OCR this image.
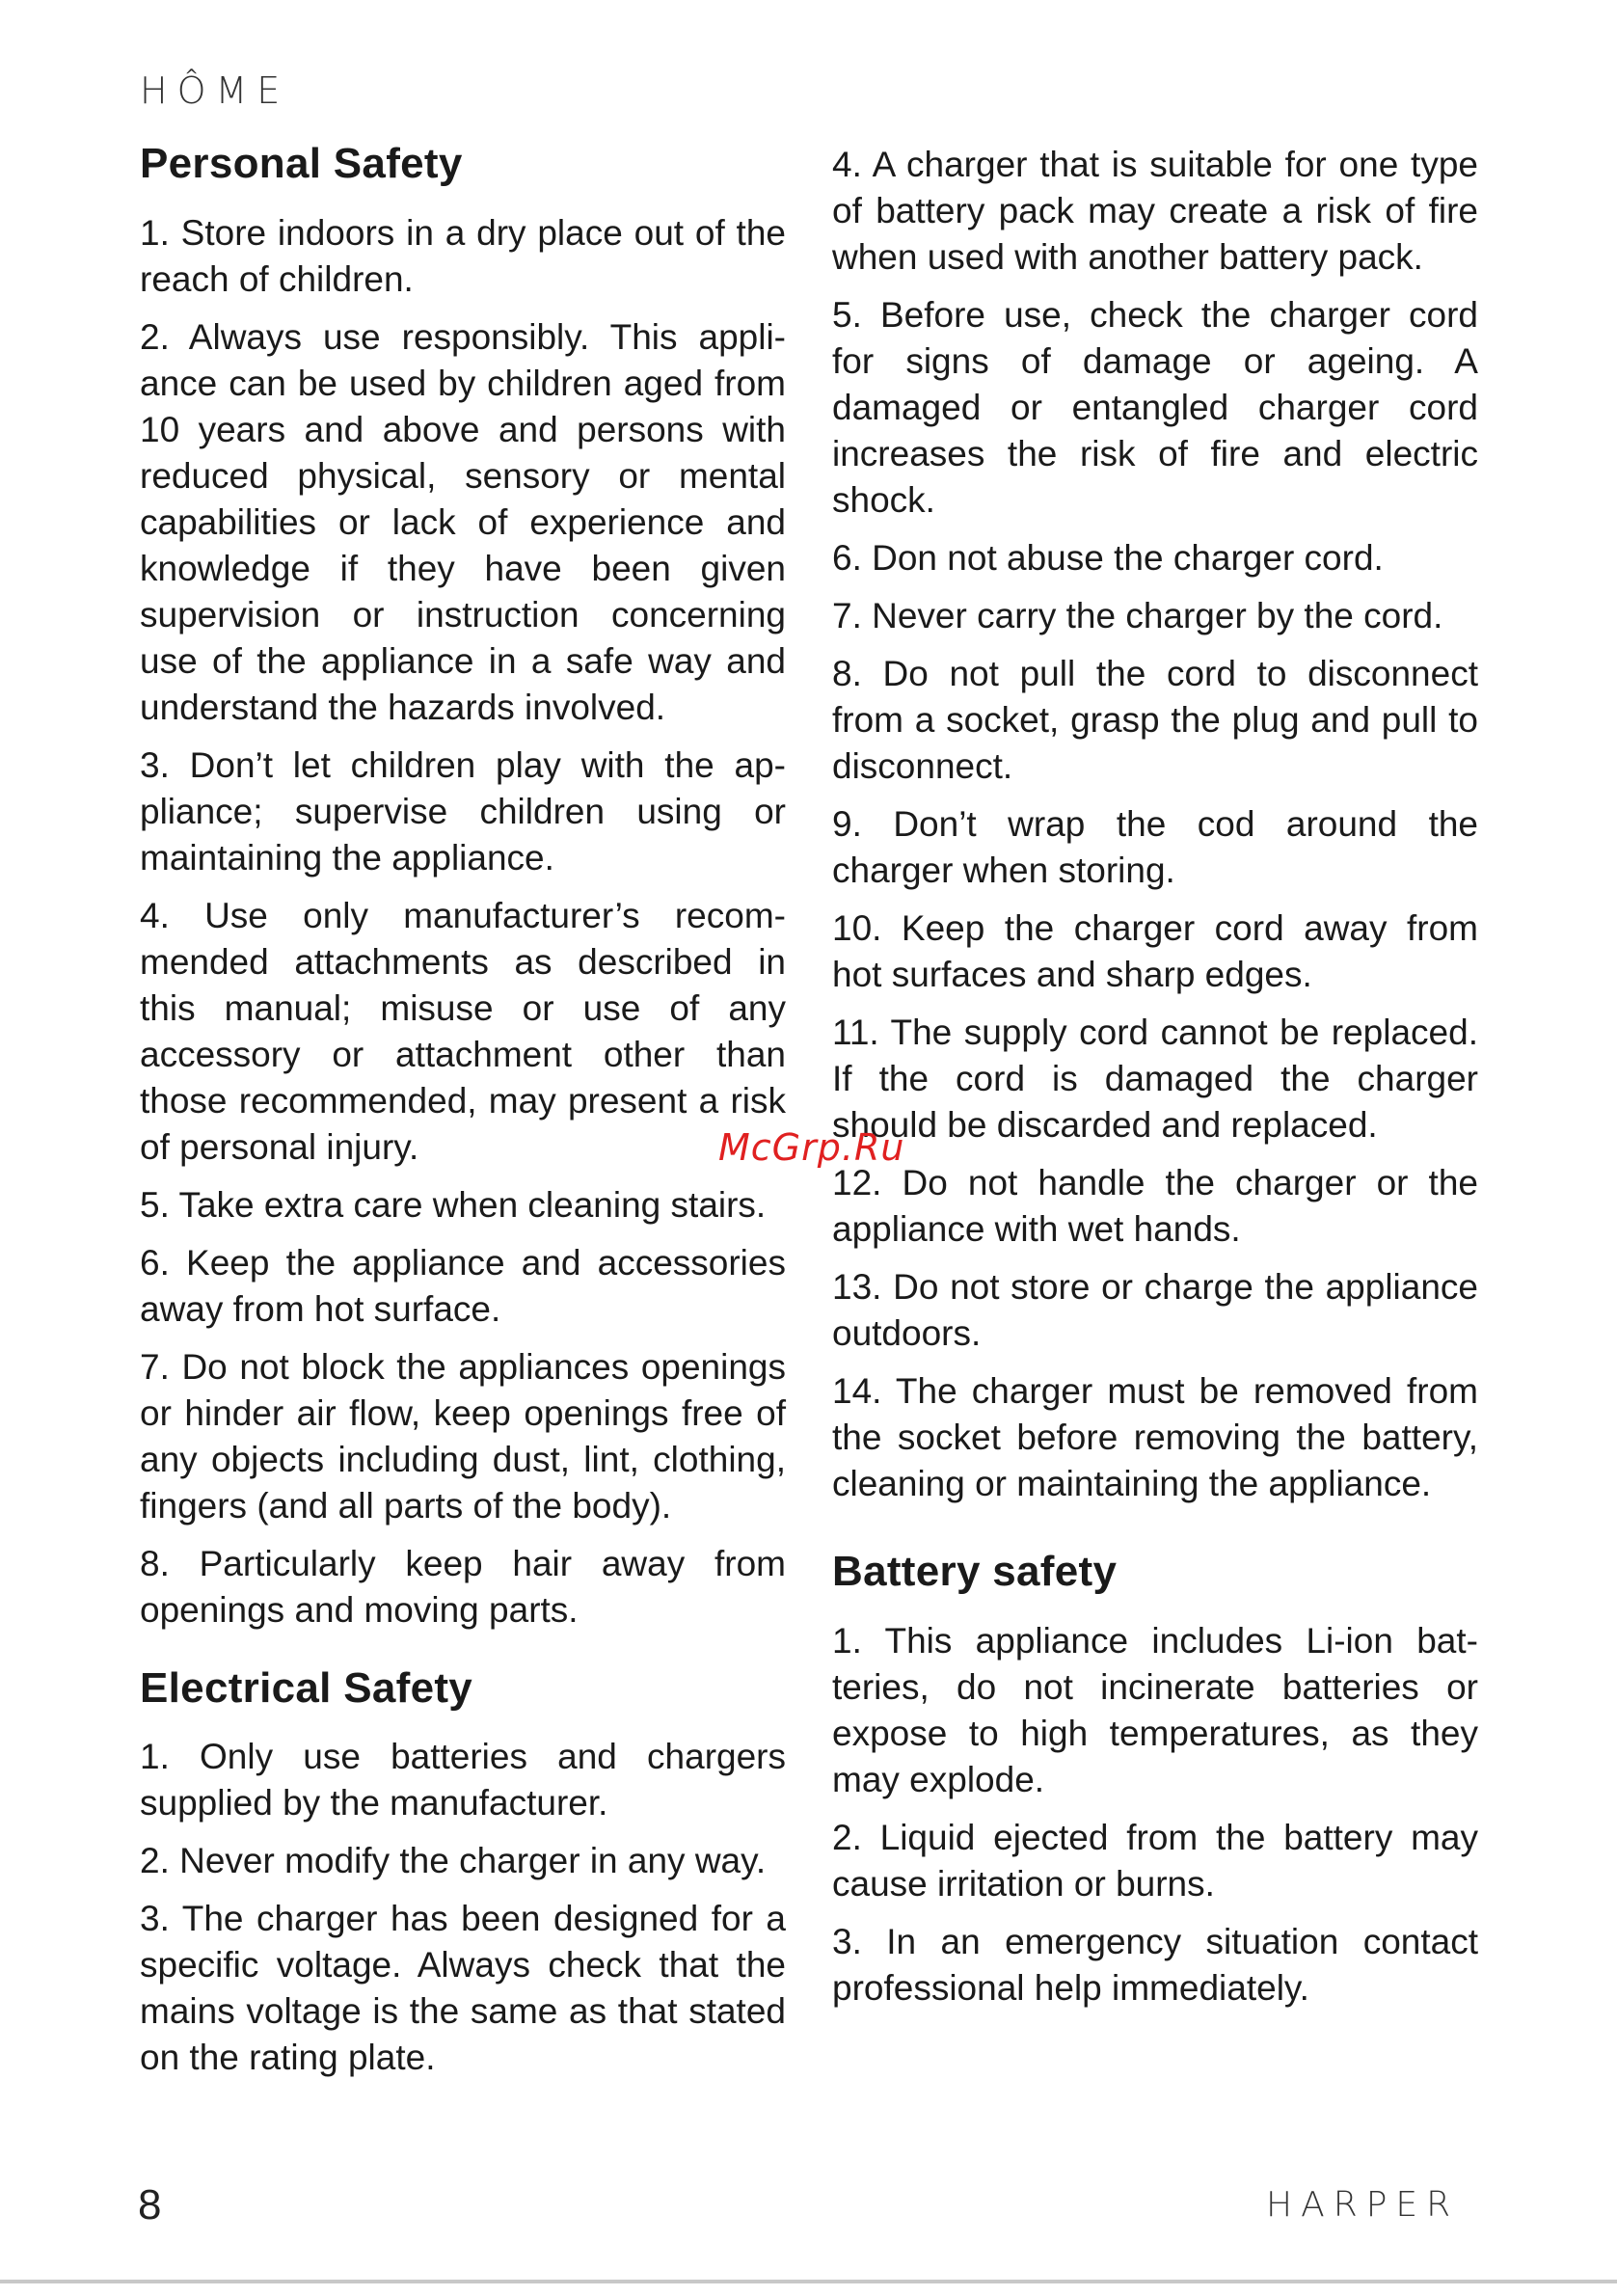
HÔME
Personal Safety

1. Store indoors in a dry place out of the reach of children.

2. Always use responsibly. This appliance can be used by children aged from 10 years and above and persons with reduced physical, sensory or mental capabilities or lack of experience and knowledge if they have been given supervision or instruction concerning use of the appliance in a safe way and understand the hazards involved.

3. Don’t let children play with the appliance; supervise children using or maintaining the appliance.

4. Use only manufacturer’s recommended attachments as described in this manual; misuse or use of any accessory or attachment other than those recommended, may present a risk of personal injury.

5. Take extra care when cleaning stairs.

6. Keep the appliance and accessories away from hot surface.

7. Do not block the appliances openings or hinder air flow, keep openings free of any objects including dust, lint, clothing, fingers (and all parts of the body).

8. Particularly keep hair away from openings and moving parts.

Electrical Safety

1. Only use batteries and chargers supplied by the manufacturer.

2. Never modify the charger in any way.

3. The charger has been designed for a specific voltage. Always check that the mains voltage is the same as that stated on the rating plate.

4. A charger that is suitable for one type of battery pack may create a risk of fire when used with another battery pack.

5. Before use, check the charger cord for signs of damage or ageing. A damaged or entangled charger cord increases the risk of fire and electric shock.

6. Don not abuse the charger cord.

7. Never carry the charger by the cord.

8. Do not pull the cord to disconnect from a socket, grasp the plug and pull to disconnect.

9. Don’t wrap the cod around the charger when storing.

10. Keep the charger cord away from hot surfaces and sharp edges.

11. The supply cord cannot be replaced. If the cord is damaged the charger should be discarded and replaced.

12. Do not handle the charger or the appliance with wet hands.

13. Do not store or charge the appliance outdoors.

14. The charger must be removed from the socket before removing the battery, cleaning or maintaining the appliance.

Battery safety

1. This appliance includes Li-ion batteries, do not incinerate batteries or expose to high temperatures, as they may explode.

2. Liquid ejected from the battery may cause irritation or burns.

3. In an emergency situation contact professional help immediately.

McGrp.Ru
8	HARPER
